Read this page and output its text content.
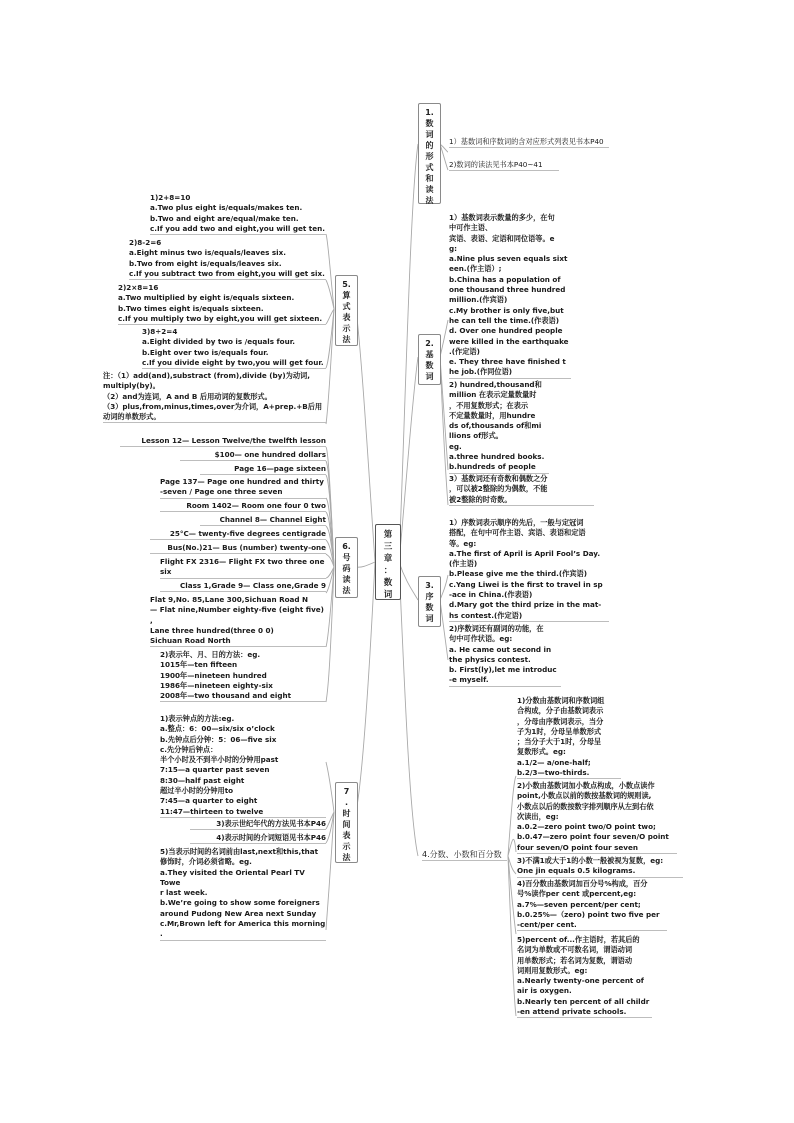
第
三
章
：
数
词
1.
数
词
的
形
式
和
读
法
1）基数词和序数词的含对应形式列表见书本P40
2)数词的读法见书本P40~41
2.
基
数
词
1）基数词表示数量的多少，在句
中可作主语、
宾语、表语、定语和同位语等。e
g:
a.Nine plus seven equals sixt
een.(作主语）;
b.China has a population of
one thousand three hundred
million.(作宾语)
c.My brother is only five,but
he can tell the time.(作表语)
d. Over one hundred people
were killed in the earthquake
.(作定语)
e. They three have finished t
he job.(作同位语)
2) hundred,thousand和
million 在表示定量数量时
，不用复数形式；在表示
不定量数量时，用hundre
ds of,thousands of和mi
llions of形式。
eg.
a.three hundred books.
b.hundreds of people
3）基数词还有奇数和偶数之分
，可以被2整除的为偶数，不能
被2整除的时奇数。
3.
序
数
词
1）序数词表示顺序的先后，一般与定冠词
搭配，在句中可作主语、宾语、表语和定语
等。eg:
a.The first of April is April Fool’s Day.
(作主语)
b.Please give me the third.(作宾语)
c.Yang Liwei is the first to travel in sp
-ace in China.(作表语)
d.Mary got the third prize in the mat-
hs contest.(作定语)
2)序数词还有副词的功能，在
句中可作状语。eg:
a. He came out second in
the physics contest.
b. First(ly),let me introduc
-e myself.
4.分数、小数和百分数
1)分数由基数词和序数词组
合构成，分子由基数词表示
，分母由序数词表示，当分
子为1时，分母呈单数形式
；当分子大于1时，分母呈
复数形式。eg:
a.1/2— a/one-half;
b.2/3—two-thirds.
2)小数由基数词加小数点构成，小数点读作
point,小数点以前的数按基数词的规则读,
小数点以后的数按数字排列顺序从左到右依
次读出，eg:
a.0.2—zero point two/O point two;
b.0.47—zero point four seven/O point
four seven/O point four seven
3)不满1或大于1的小数一般被视为复数，eg:
One jin equals 0.5 kilograms.
4)百分数由基数词加百分号%构成，百分
号%读作per cent 或percent,eg:
a.7%—seven percent/per cent;
b.0.25%—（zero) point two five per
-cent/per cent.
5)percent of...作主语时，若其后的
名词为单数或不可数名词，谓语动词
用单数形式；若名词为复数，谓语动
词则用复数形式。eg:
a.Nearly twenty-one percent of
air is oxygen.
b.Nearly ten percent of all childr
-en attend private schools.
5.
算
式
表
示
法
1)2+8=10
a.Two plus eight is/equals/makes ten.
b.Two and eight are/equal/make ten.
c.If you add two and eight,you will get ten.
2)8-2=6
a.Eight minus two is/equals/leaves six.
b.Two from eight is/equals/leaves six.
c.If you subtract two from eight,you will get six.
2)2×8=16
a.Two multiplied by eight is/equals sixteen.
b.Two times eight is/equals sixteen.
c.If you multiply two by eight,you will get sixteen.
3)8÷2=4
a.Eight divided by two is /equals four.
b.Eight over two is/equals four.
c.If you divide eight by two,you will get four.
注：（1）add(and),substract (from),divide (by)为动词,
multiply(by)。
（2）and为连词，A and B 后用动词的复数形式。
（3）plus,from,minus,times,over为介词，A+prep.+B后用
动词的单数形式。
6.
号
码
读
法
Lesson 12— Lesson Twelve/the twelfth lesson
$100— one hundred dollars
Page 16—page sixteen
Page 137— Page one hundred and thirty
-seven / Page one three seven
Room 1402— Room one four 0 two
Channel 8— Channel Eight
25°C— twenty-five degrees centigrade
Bus(No.)21— Bus (number) twenty-one
Flight FX 2316— Flight FX two three one
six
Class 1,Grade 9— Class one,Grade 9
Flat 9,No. 85,Lane 300,Sichuan Road N
— Flat nine,Number eighty-five (eight five)
,
Lane three hundred(three 0 0)
Sichuan Road North
2)表示年、月、日的方法：eg.
1015年—ten fifteen
1900年—nineteen hundred
1986年—nineteen eighty-six
2008年—two thousand and eight
7
.
时
间
表
示
法
1)表示钟点的方法:eg.
a.整点：6：00—six/six o’clock
b.先钟点后分钟：5：06—five six
c.先分钟后钟点：
半个小时及不到半小时的分钟用past
7:15—a quarter past seven
8:30—half past eight
超过半小时的分钟用to
7:45—a quarter to eight
11:47—thirteen to twelve
3)表示世纪年代的方法见书本P46
4)表示时间的介词短语见书本P46
5)当表示时间的名词前由last,next和this,that
修饰时，介词必须省略。eg.
a.They visited the Oriental Pearl TV Towe
r last week.
b.We’re going to show some foreigners
around Pudong New Area next Sunday
c.Mr,Brown left for America this morning
.
